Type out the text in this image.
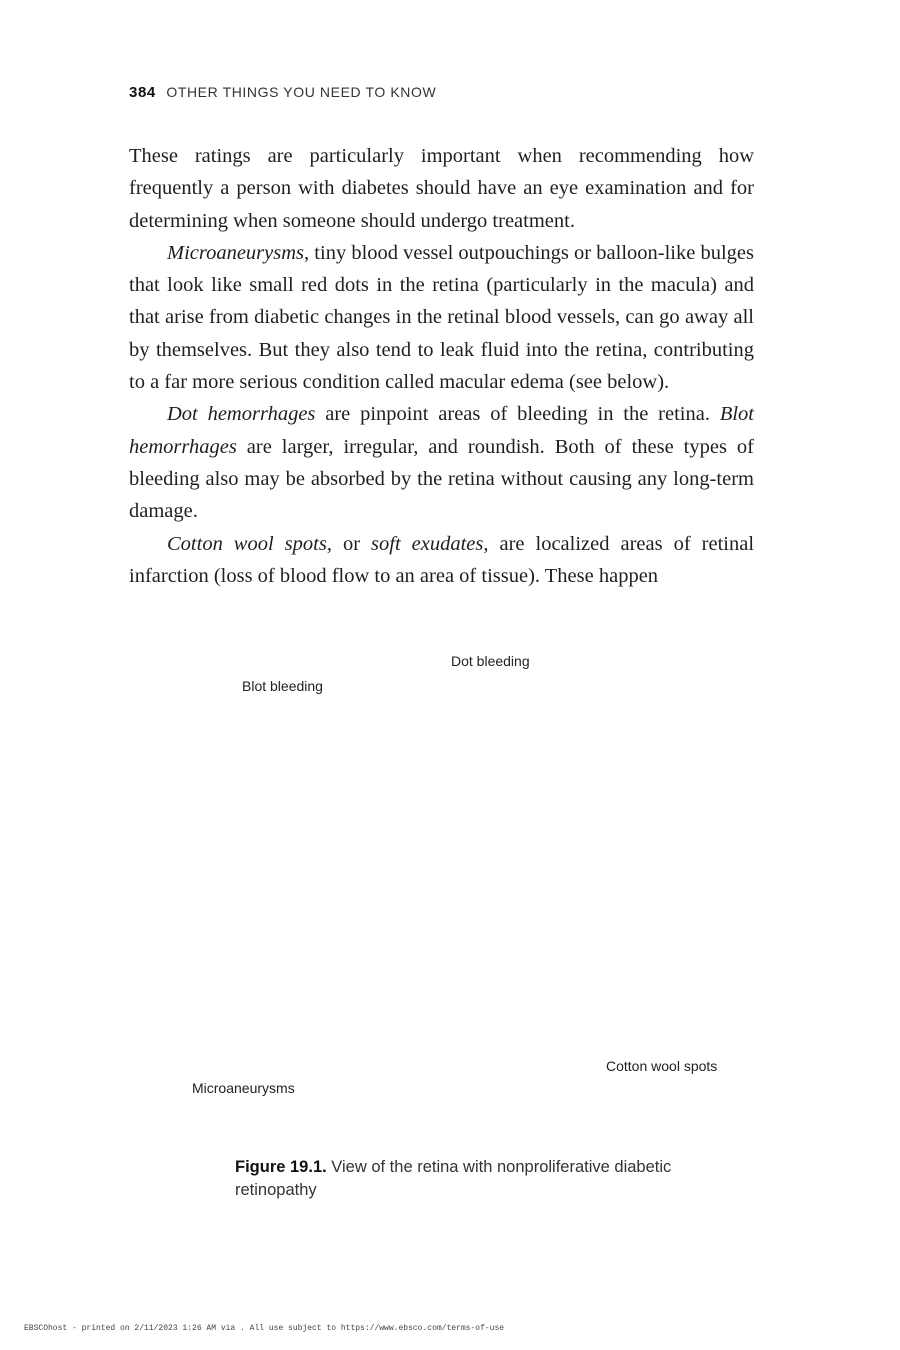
384 OTHER THINGS YOU NEED TO KNOW

These ratings are particularly important when recommending how frequently a person with diabetes should have an eye examination and for determining when someone should undergo treatment.

Microaneurysms, tiny blood vessel outpouchings or balloon-like bulges that look like small red dots in the retina (particularly in the macula) and that arise from diabetic changes in the retinal blood vessels, can go away all by themselves. But they also tend to leak fluid into the retina, contributing to a far more serious condition called macular edema (see below).

Dot hemorrhages are pinpoint areas of bleeding in the retina. Blot hemorrhages are larger, irregular, and roundish. Both of these types of bleeding also may be absorbed by the retina without causing any long-term damage.

Cotton wool spots, or soft exudates, are localized areas of retinal infarction (loss of blood flow to an area of tissue). These happen

Dot bleeding
Blot bleeding
Cotton wool spots
Microaneurysms
Figure 19.1. View of the retina with nonproliferative diabetic retinopathy
EBSCOhost - printed on 2/11/2023 1:26 AM via . All use subject to https://www.ebsco.com/terms-of-use
